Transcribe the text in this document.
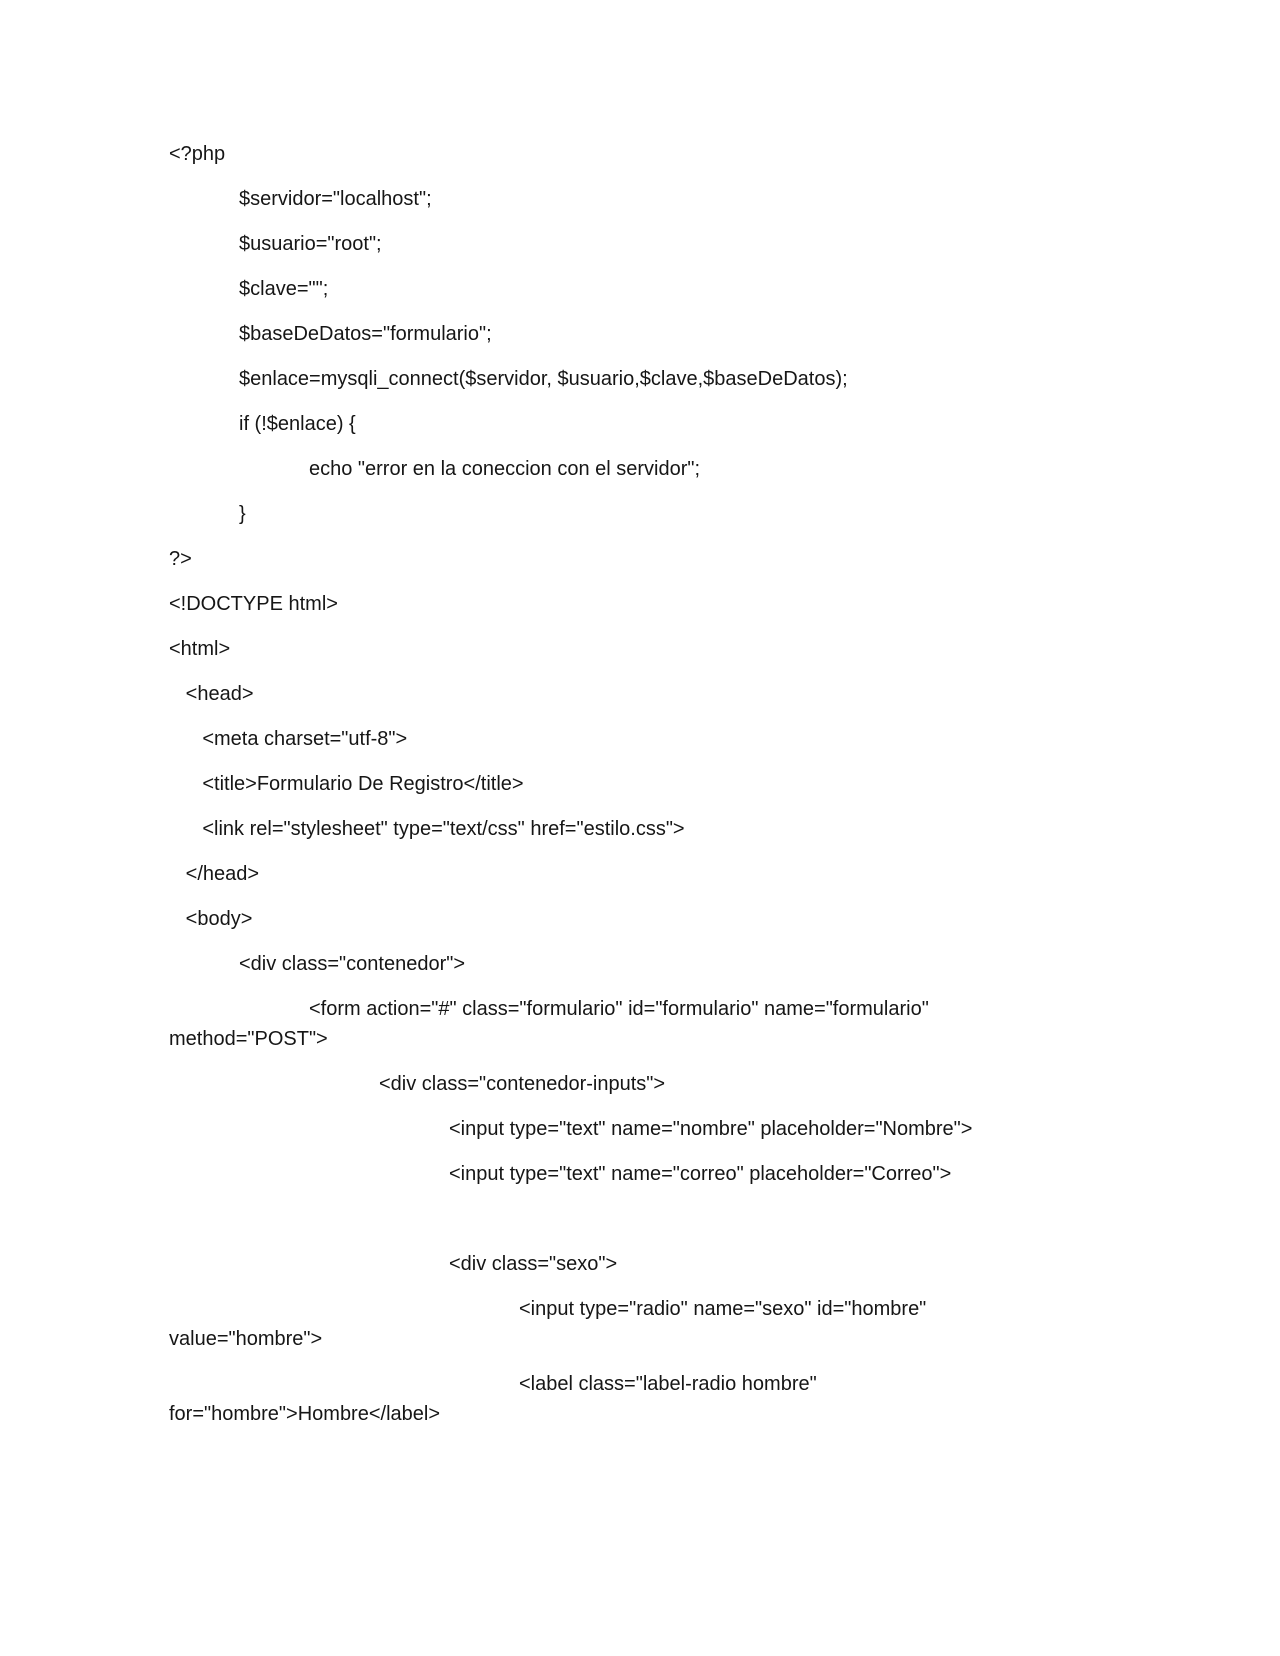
<?php
	$servidor="localhost";
	$usuario="root";
	$clave="";
	$baseDeDatos="formulario";
	$enlace=mysqli_connect($servidor, $usuario,$clave,$baseDeDatos);
	if (!$enlace) {
		echo "error en la coneccion con el servidor";
	}
?>
<!DOCTYPE html>
<html>
<head>
<meta charset="utf-8">
<title>Formulario De Registro</title>
<link rel="stylesheet" type="text/css" href="estilo.css">
</head>
<body>
	<div class="contenedor">
		<form action="#" class="formulario" id="formulario" name="formulario"
method="POST">
			<div class="contenedor-inputs">
				<input type="text" name="nombre" placeholder="Nombre">
				<input type="text" name="correo" placeholder="Correo">
				<div class="sexo">
					<input type="radio" name="sexo" id="hombre"
value="hombre">
					<label class="label-radio hombre"
for="hombre">Hombre</label>
